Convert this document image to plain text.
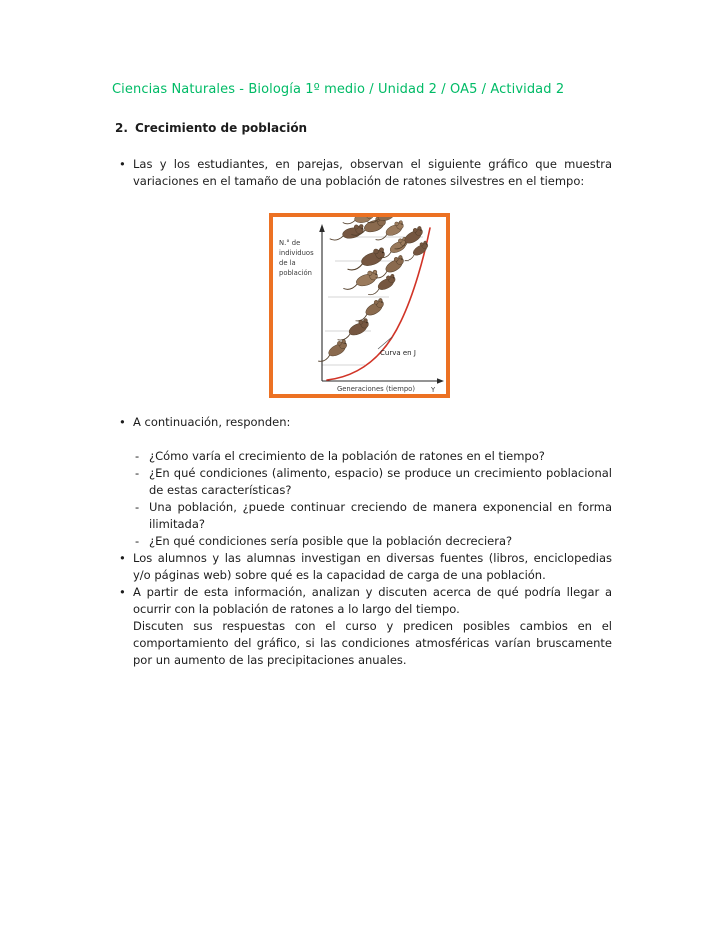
Ciencias Naturales - Biología 1º medio / Unidad 2 / OA5 / Actividad 2
2. Crecimiento de población
• Las y los estudiantes, en parejas, observan el siguiente gráfico que muestra variaciones en el tamaño de una población de ratones silvestres en el tiempo:
N.° de
individuos
de la
población
Curva en J
Generaciones (tiempo) Y
• A continuación, responden:
- ¿Cómo varía el crecimiento de la población de ratones en el tiempo?
- ¿En qué condiciones (alimento, espacio) se produce un crecimiento poblacional de estas características?
- Una población, ¿puede continuar creciendo de manera exponencial en forma ilimitada?
- ¿En qué condiciones sería posible que la población decreciera?
• Los alumnos y las alumnas investigan en diversas fuentes (libros, enciclopedias y/o páginas web) sobre qué es la capacidad de carga de una población.
• A partir de esta información, analizan y discuten acerca de qué podría llegar a ocurrir con la población de ratones a lo largo del tiempo.
Discuten sus respuestas con el curso y predicen posibles cambios en el comportamiento del gráfico, si las condiciones atmosféricas varían bruscamente por un aumento de las precipitaciones anuales.
